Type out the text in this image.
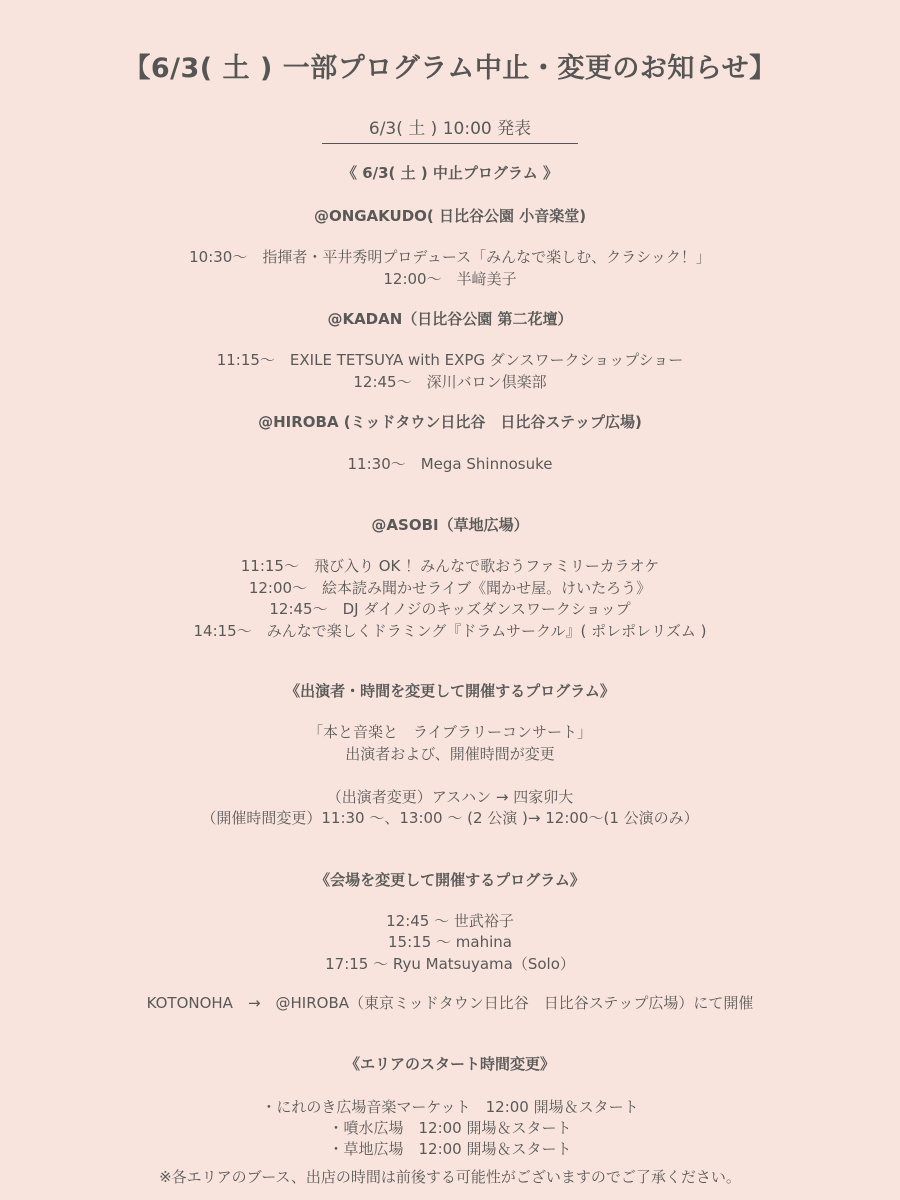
【6/3( 土 ) 一部プログラム中止・変更のお知らせ】
6/3( 土 ) 10:00 発表
《 6/3( 土 ) 中止プログラム 》
@ONGAKUDO( 日比谷公園 小音楽堂)
10:30〜　指揮者・平井秀明プロデュース「みんなで楽しむ、クラシック！」
12:00〜　半﨑美子
@KADAN（日比谷公園 第二花壇）
11:15〜　EXILE TETSUYA with EXPG ダンスワークショップショー
12:45〜　深川バロン倶楽部
@HIROBA (ミッドタウン日比谷　日比谷ステップ広場)
11:30〜　Mega Shinnosuke
@ASOBI（草地広場）
11:15〜　飛び入り OK ！みんなで歌おうファミリーカラオケ
12:00〜　絵本読み聞かせライブ《聞かせ屋。けいたろう》
12:45〜　DJ ダイノジのキッズダンスワークショップ
14:15〜　みんなで楽しくドラミング『ドラムサークル』( ポレポレリズム )
《出演者・時間を変更して開催するプログラム》
「本と音楽と　ライブラリーコンサート」
出演者および、開催時間が変更
（出演者変更）アスハン → 四家卯大
（開催時間変更）11:30 〜、13:00 〜 (2 公演 )→ 12:00〜(1 公演のみ）
《会場を変更して開催するプログラム》
12:45 〜 世武裕子
15:15 〜 mahina
17:15 〜 Ryu Matsuyama（Solo）
KOTONOHA　→　@HIROBA（東京ミッドタウン日比谷　日比谷ステップ広場）にて開催
《エリアのスタート時間変更》
・にれのき広場音楽マーケット　12:00 開場＆スタート
・噴水広場　12:00 開場＆スタート
・草地広場　12:00 開場＆スタート
※各エリアのブース、出店の時間は前後する可能性がございますのでご了承ください。
